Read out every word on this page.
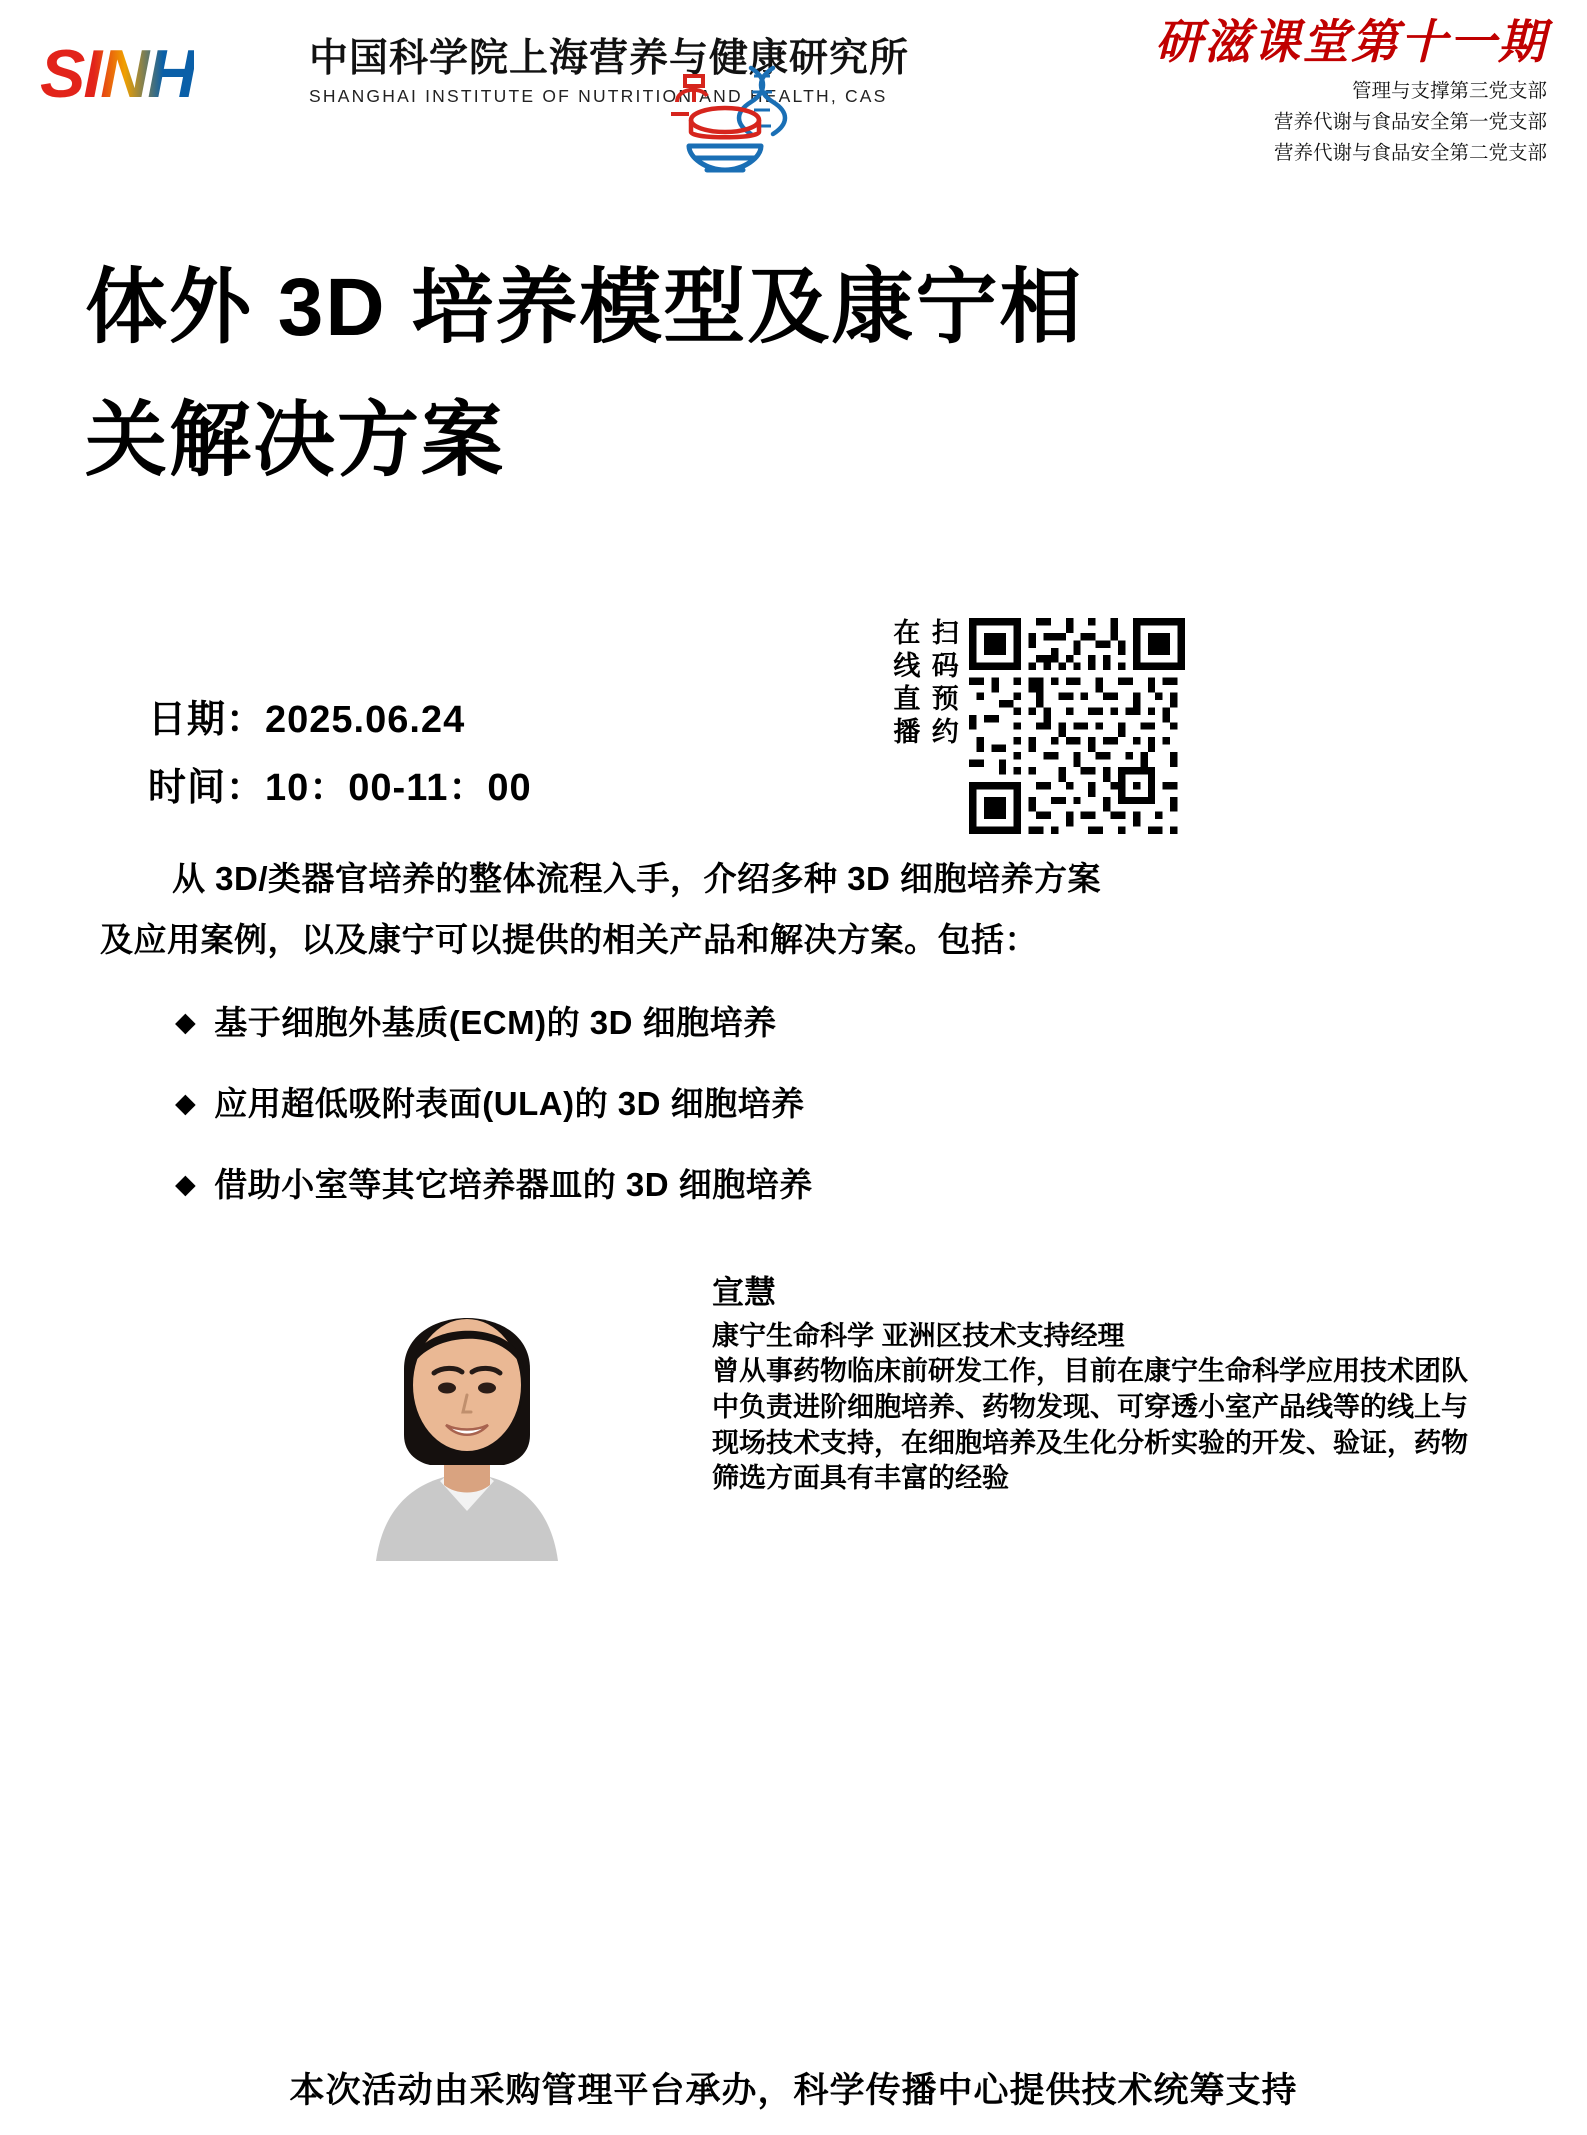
SINH	中国科学院上海营养与健康研究所
SHANGHAI INSTITUTE OF NUTRITION AND HEALTH, CAS
研滋课堂第十一期
管理与支撑第三党支部
营养代谢与食品安全第一党支部
营养代谢与食品安全第二党支部
体外 3D 培养模型及康宁相
关解决方案
日期：2025.06.24
时间：10：00-11：00
扫码预约
在线直播
从 3D/类器官培养的整体流程入手，介绍多种 3D 细胞培养方案
及应用案例，以及康宁可以提供的相关产品和解决方案。包括：
◆ 基于细胞外基质(ECM)的 3D 细胞培养
◆ 应用超低吸附表面(ULA)的 3D 细胞培养
◆ 借助小室等其它培养器皿的 3D 细胞培养
宣慧
康宁生命科学 亚洲区技术支持经理
曾从事药物临床前研发工作，目前在康宁生命科学应用技术团队中负责进阶细胞培养、药物发现、可穿透小室产品线等的线上与现场技术支持，在细胞培养及生化分析实验的开发、验证，药物筛选方面具有丰富的经验
本次活动由采购管理平台承办，科学传播中心提供技术统筹支持
